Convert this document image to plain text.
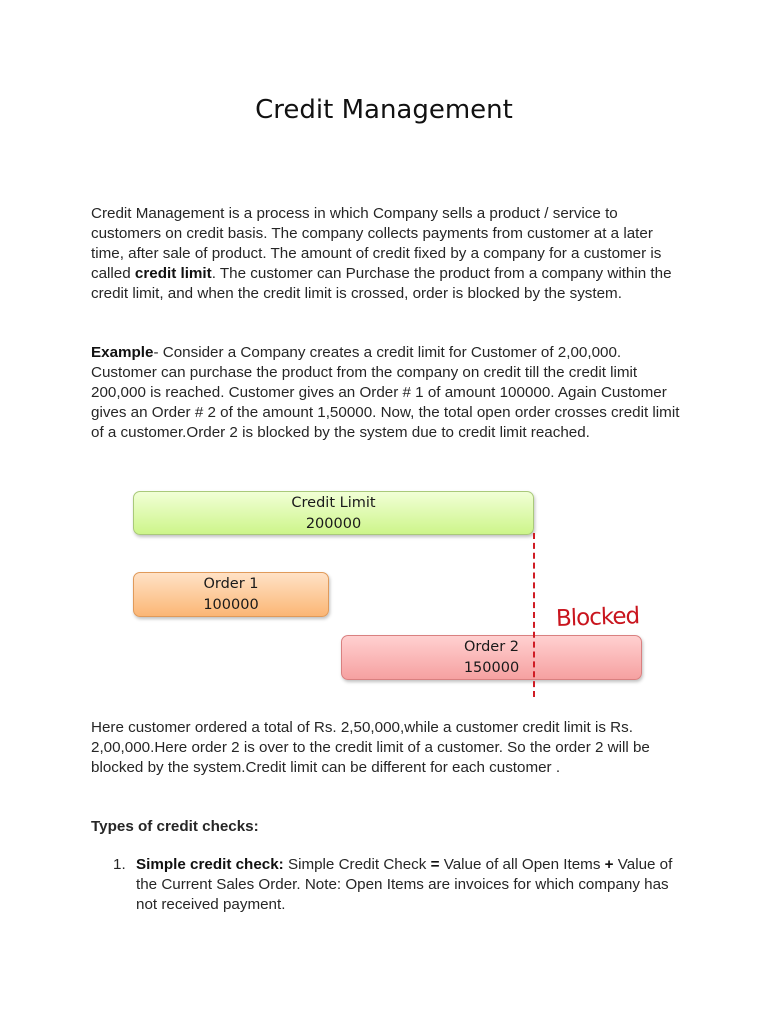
Credit Management
Credit Management is a process in which Company sells a product / service to customers on credit basis. The company collects payments from customer at a later time, after sale of product. The amount of credit fixed by a company for a customer is called credit limit. The customer can Purchase the product from a company within the credit limit, and when the credit limit is crossed, order is blocked by the system.
Example- Consider a Company creates a credit limit for Customer of 2,00,000. Customer can purchase the product from the company on credit till the credit limit 200,000 is reached. Customer gives an Order # 1 of amount 100000. Again Customer gives an Order # 2 of the amount 1,50000. Now, the total open order crosses credit limit of a customer.Order 2 is blocked by the system due to credit limit reached.
Credit Limit
200000
Order 1
100000
Order 2
150000
Blocked
Here customer ordered a total of Rs. 2,50,000,while a customer credit limit is Rs. 2,00,000.Here order 2 is over to the credit limit of a customer. So the order 2 will be blocked by the system.Credit limit can be different for each customer .
Types of credit checks:
1. Simple credit check: Simple Credit Check = Value of all Open Items + Value of the Current Sales Order. Note: Open Items are invoices for which company has not received payment.
